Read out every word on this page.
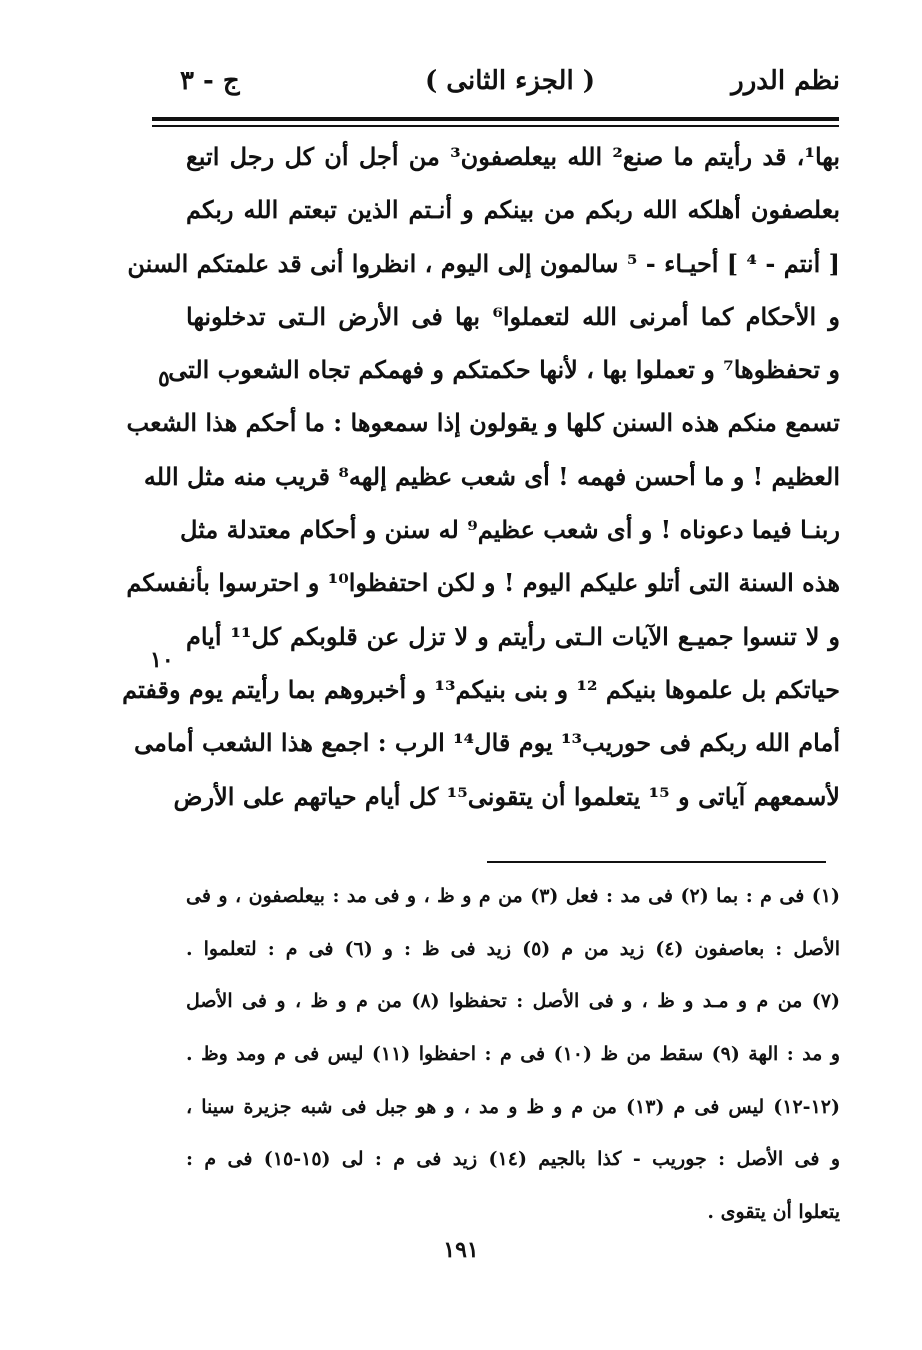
نظم الدرر
( الجزء الثانی )
ج - ٣
بها¹، قد رأيتم ما صنع² الله بيعلصفون³ من أجل أن كل رجل اتبع
بعلصفون أهلكه الله ربكم من بينكم و أنـتم الذين تبعتم الله ربكم
[ أنتم - ⁴ ] أحيـاء - ⁵ سالمون إلى اليوم ، انظروا أنی قد علمتكم السنن
و الأحكام كما أمرنی الله لتعملوا⁶ بها فی الأرض الـتی تدخلونها
و تحفظوها⁷ و تعملوا بها ، لأنها حكمتكم و فهمكم تجاه الشعوب التی
تسمع منكم هذه السنن كلها و يقولون إذا سمعوها : ما أحكم هذا الشعب
العظيم ! و ما أحسن فهمه ! أی شعب عظيم إلهه⁸ قريب منه مثل الله
ربنـا فيما دعوناه ! و أی شعب عظيم⁹ له سنن و أحكام معتدلة مثل
هذه السنة التی أتلو عليكم اليوم ! و لكن احتفظوا¹⁰ و احترسوا بأنفسكم
و لا تنسوا جميـع الآيات الـتی رأيتم و لا تزل عن قلوبكم كل¹¹ أيام
حياتكم بل علموها بنيكم ¹² و بنی بنيكم¹³ و أخبروهم بما رأيتم يوم وقفتم
أمام الله ربكم فی حوريب¹³ يوم قال¹⁴ الرب : اجمع هذا الشعب أمامی
لأسمعهم آياتی و ¹⁵ يتعلموا أن يتقونی¹⁵ كل أيام حياتهم علی الأرض
٥
١٠
(١) فی م : بما (٢) فی مد : فعل (٣) من م و ظ ، و فی مد : بيعلصفون ، و فی
الأصل : بعاصفون (٤) زيد من م (٥) زيد فی ظ : و (٦) فی م : لتعلموا .
(٧) من م و مـد و ظ ، و فی الأصل : تحفظوا (٨) من م و ظ ، و فی الأصل
و مد : الهة (٩) سقط من ظ (١٠) فی م : احفظوا (١١) ليس فی م ومد وظ .
(١٢-١٢) ليس فی م (١٣) من م و ظ و مد ، و هو جبل فی شبه جزيرة سينا ،
و فی الأصل : جوريب - كذا بالجيم (١٤) زيد فی م : لی (١٥-١٥) فی م :
يتعلوا أن يتقوی .
١٩١
